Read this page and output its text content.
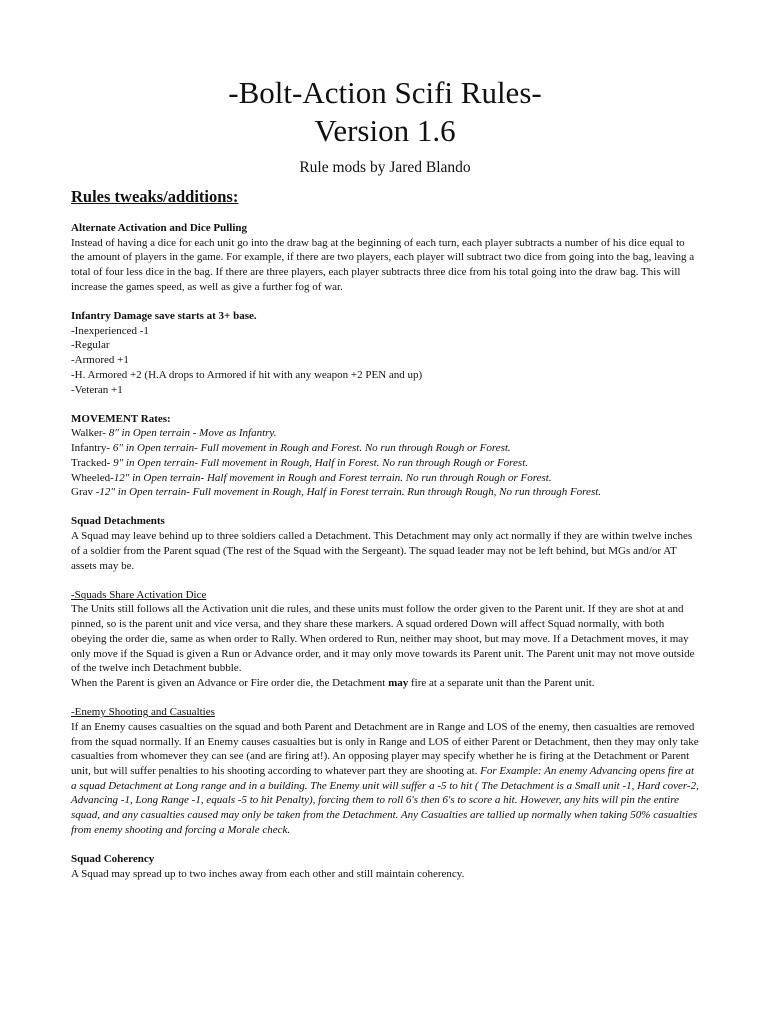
-Bolt-Action Scifi Rules-
Version 1.6
Rule mods by Jared Blando
Rules tweaks/additions:

Alternate Activation and Dice Pulling

Instead of having a dice for each unit go into the draw bag at the beginning of each turn, each player subtracts a number of his dice equal to the amount of players in the game. For example, if there are two players, each player will subtract two dice from going into the bag, leaving a total of four less dice in the bag. If there are three players, each player subtracts three dice from his total going into the draw bag. This will increase the games speed, as well as give a further fog of war.

Infantry Damage save starts at 3+ base.

-Inexperienced -1

-Regular

-Armored +1

-H. Armored +2 (H.A drops to Armored if hit with any weapon +2 PEN and up)

-Veteran +1

MOVEMENT Rates:

Walker- 8" in Open terrain - Move as Infantry.

Infantry- 6" in Open terrain- Full movement in Rough and Forest. No run through Rough or Forest.

Tracked- 9" in Open terrain- Full movement in Rough, Half in Forest. No run through Rough or Forest.

Wheeled-12" in Open terrain- Half movement in Rough and Forest terrain. No run through Rough or Forest.

Grav -12" in Open terrain- Full movement in Rough, Half in Forest terrain. Run through Rough, No run through Forest.

Squad Detachments

A Squad may leave behind up to three soldiers called a Detachment. This Detachment may only act normally if they are within twelve inches of a soldier from the Parent squad (The rest of the Squad with the Sergeant). The squad leader may not be left behind, but MGs and/or AT assets may be.

-Squads Share Activation Dice

The Units still follows all the Activation unit die rules, and these units must follow the order given to the Parent unit. If they are shot at and pinned, so is the parent unit and vice versa, and they share these markers. A squad ordered Down will affect Squad normally, with both obeying the order die, same as when order to Rally. When ordered to Run, neither may shoot, but may move. If a Detachment moves, it may only move if the Squad is given a Run or Advance order, and it may only move towards its Parent unit. The Parent unit may not move outside of the twelve inch Detachment bubble.

When the Parent is given an Advance or Fire order die, the Detachment may fire at a separate unit than the Parent unit.

-Enemy Shooting and Casualties

If an Enemy causes casualties on the squad and both Parent and Detachment are in Range and LOS of the enemy, then casualties are removed from the squad normally. If an Enemy causes casualties but is only in Range and LOS of either Parent or Detachment, then they may only take casualties from whomever they can see (and are firing at!). An opposing player may specify whether he is firing at the Detachment or Parent unit, but will suffer penalties to his shooting according to whatever part they are shooting at. For Example: An enemy Advancing opens fire at a squad Detachment at Long range and in a building. The Enemy unit will suffer a -5 to hit ( The Detachment is a Small unit -1, Hard cover-2, Advancing -1, Long Range -1, equals -5 to hit Penalty), forcing them to roll 6's then 6's to score a hit. However, any hits will pin the entire squad, and any casualties caused may only be taken from the Detachment. Any Casualties are tallied up normally when taking 50% casualties from enemy shooting and forcing a Morale check.

Squad Coherency

A Squad may spread up to two inches away from each other and still maintain coherency.
